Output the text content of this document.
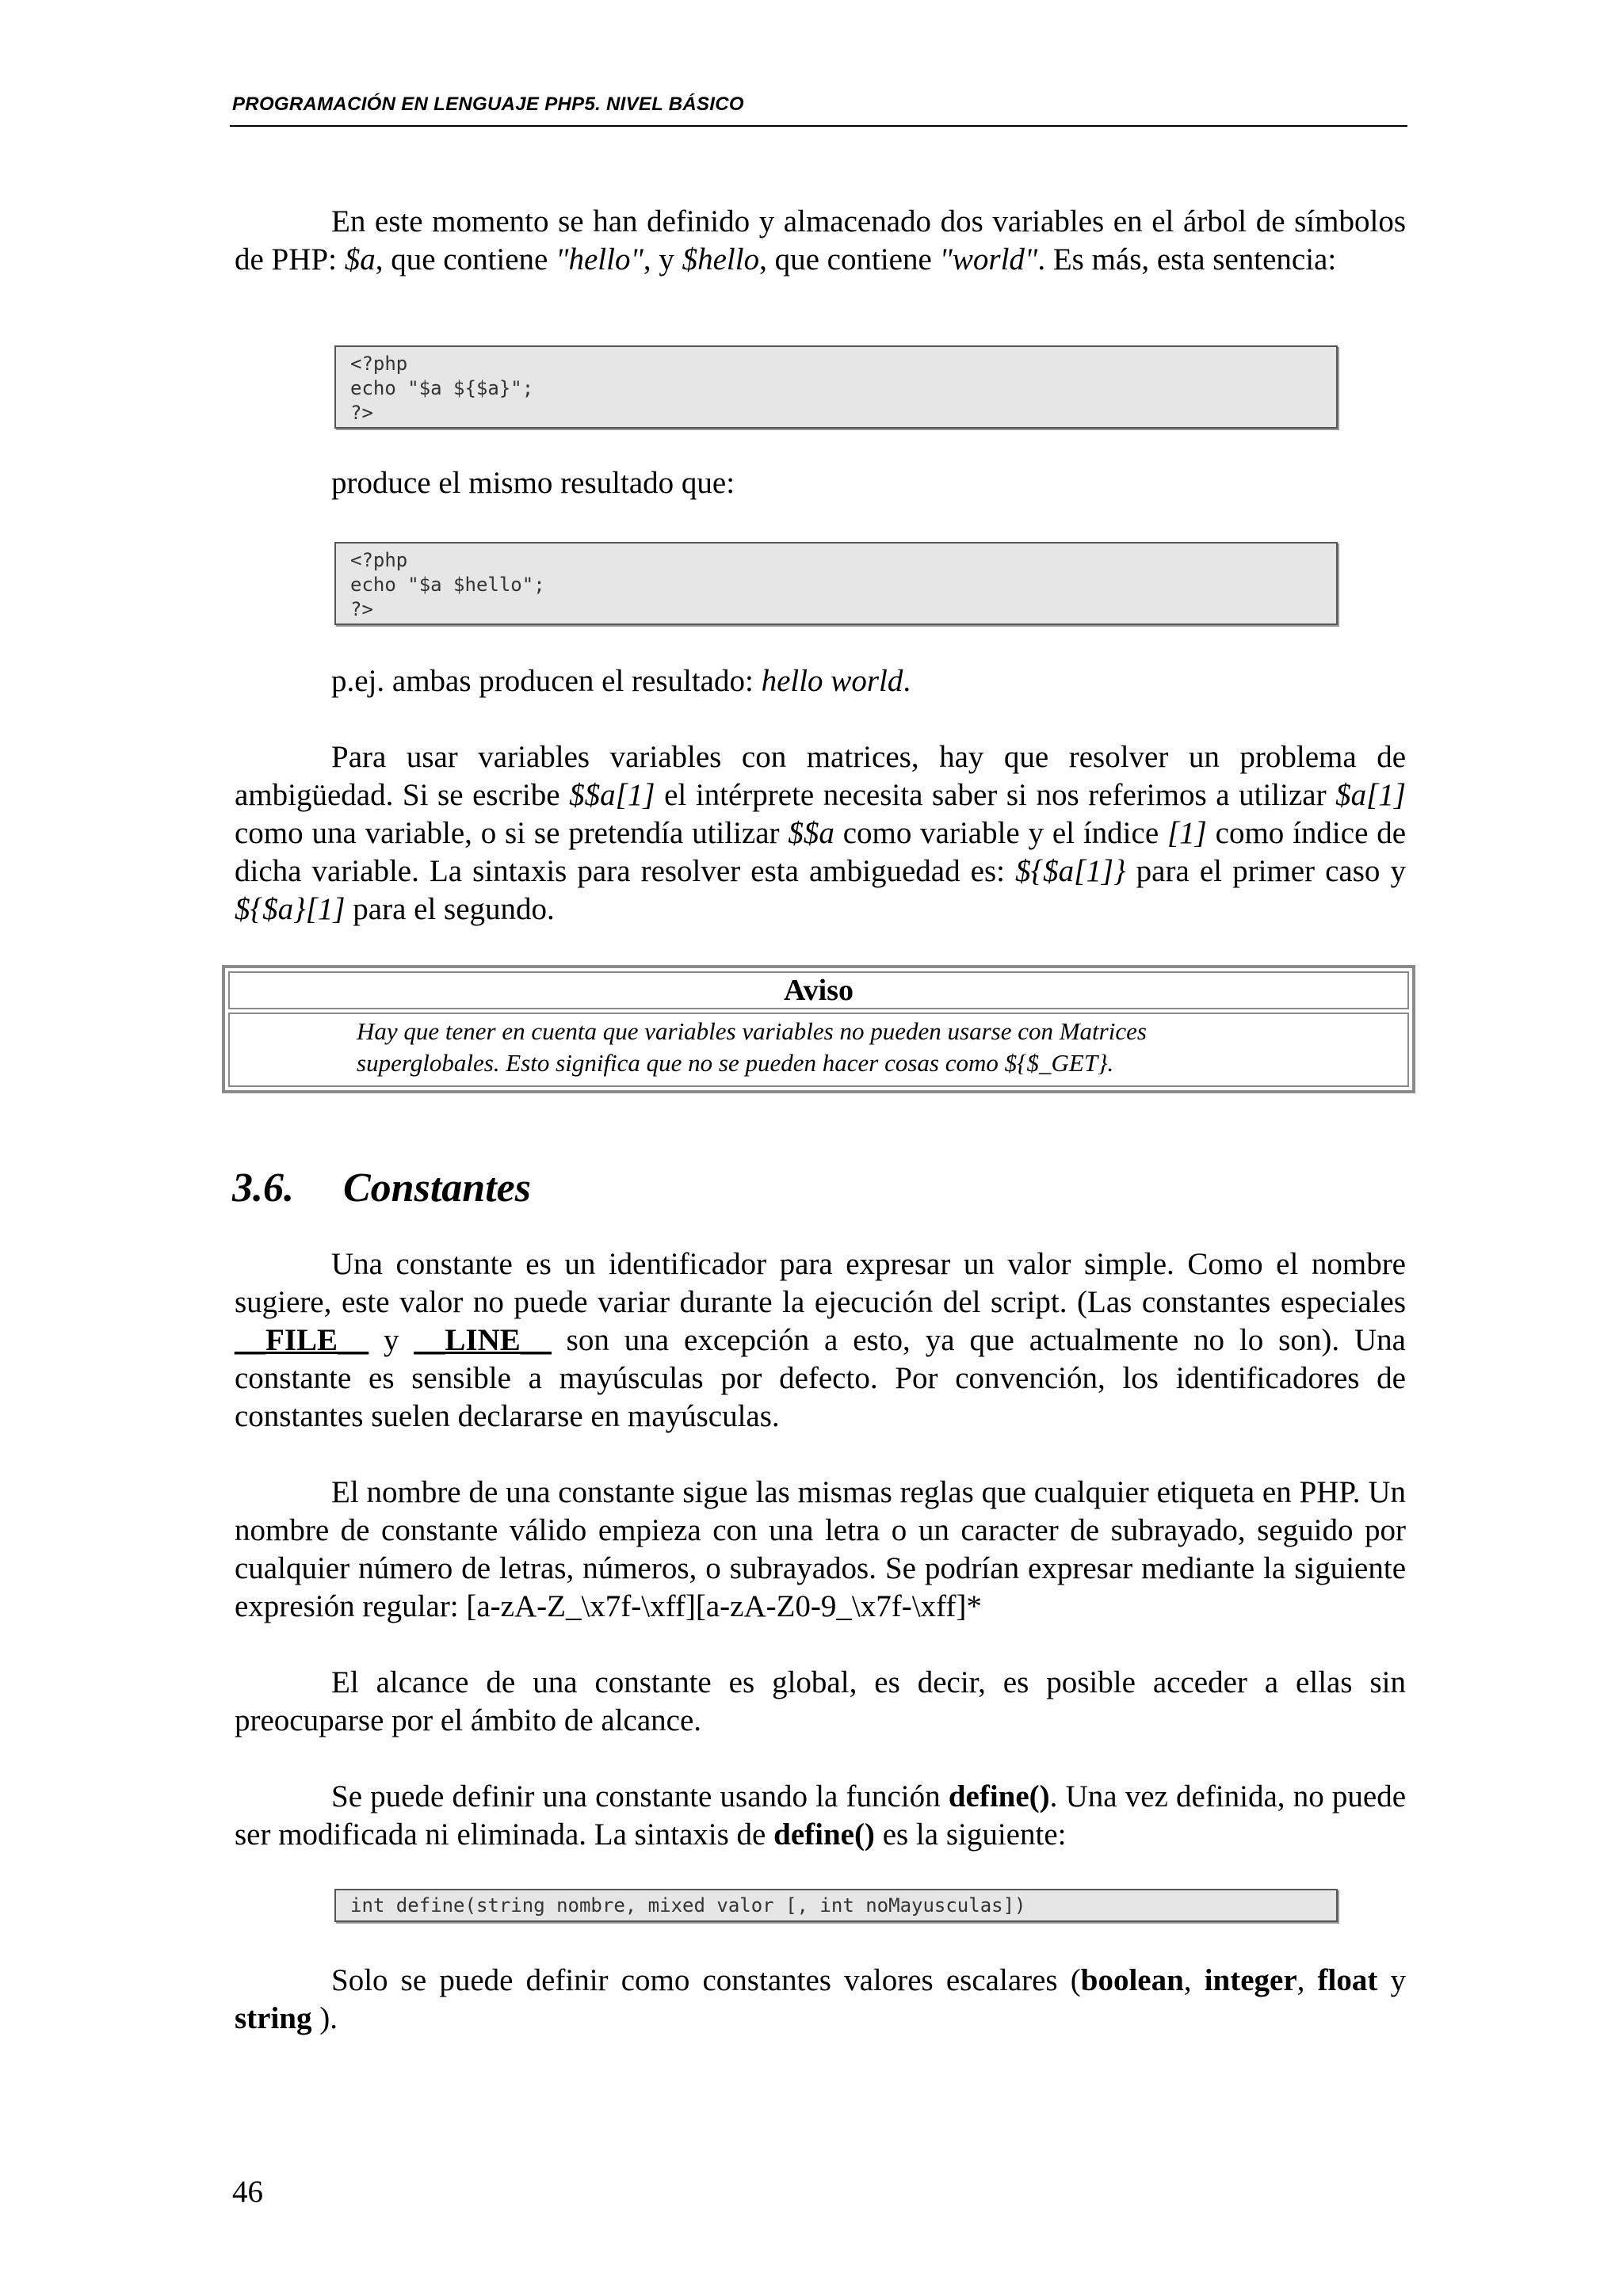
PROGRAMACIÓN EN LENGUAJE PHP5. NIVEL BÁSICO

En este momento se han definido y almacenado dos variables en el árbol de símbolos de PHP: $a, que contiene "hello", y $hello, que contiene "world". Es más, esta sentencia:

<?php
echo "$a ${$a}";
?>

produce el mismo resultado que:

<?php
echo "$a $hello";
?>

p.ej. ambas producen el resultado: hello world.

Para usar variables variables con matrices, hay que resolver un problema de ambigüedad. Si se escribe $$a[1] el intérprete necesita saber si nos referimos a utilizar $a[1] como una variable, o si se pretendía utilizar $$a como variable y el índice [1] como índice de dicha variable. La sintaxis para resolver esta ambiguedad es: ${$a[1]} para el primer caso y ${$a}[1] para el segundo.

Aviso
Hay que tener en cuenta que variables variables no pueden usarse con Matrices
superglobales. Esto significa que no se pueden hacer cosas como ${$_GET}.
3.6. Constantes

Una constante es un identificador para expresar un valor simple. Como el nombre sugiere, este valor no puede variar durante la ejecución del script. (Las constantes especiales __FILE__ y __LINE__ son una excepción a esto, ya que actualmente no lo son). Una constante es sensible a mayúsculas por defecto. Por convención, los identificadores de constantes suelen declararse en mayúsculas.

El nombre de una constante sigue las mismas reglas que cualquier etiqueta en PHP. Un nombre de constante válido empieza con una letra o un caracter de subrayado, seguido por cualquier número de letras, números, o subrayados. Se podrían expresar mediante la siguiente expresión regular: [a-zA-Z_\x7f-\xff][a-zA-Z0-9_\x7f-\xff]*

El alcance de una constante es global, es decir, es posible acceder a ellas sin preocuparse por el ámbito de alcance.

Se puede definir una constante usando la función define(). Una vez definida, no puede ser modificada ni eliminada. La sintaxis de define() es la siguiente:

int define(string nombre, mixed valor [, int noMayusculas])

Solo se puede definir como constantes valores escalares (boolean, integer, float y string ).

46
